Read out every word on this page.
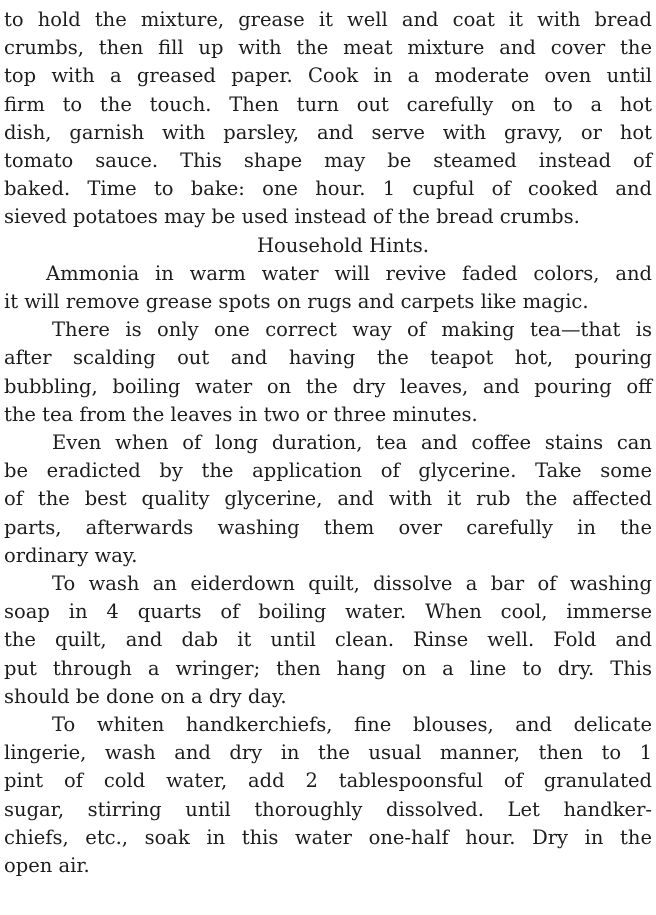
to hold the mixture, grease it well and coat it with bread
crumbs, then fill up with the meat mixture and cover the
top with a greased paper. Cook in a moderate oven until
firm to the touch. Then turn out carefully on to a hot
dish, garnish with parsley, and serve with gravy, or hot
tomato sauce. This shape may be steamed instead of
baked. Time to bake: one hour. 1 cupful of cooked and
sieved potatoes may be used instead of the bread crumbs.
Household Hints.
Ammonia in warm water will revive faded colors, and
it will remove grease spots on rugs and carpets like magic.
There is only one correct way of making tea—that is
after scalding out and having the teapot hot, pouring
bubbling, boiling water on the dry leaves, and pouring off
the tea from the leaves in two or three minutes.
Even when of long duration, tea and coffee stains can
be eradicted by the application of glycerine. Take some
of the best quality glycerine, and with it rub the affected
parts, afterwards washing them over carefully in the
ordinary way.
To wash an eiderdown quilt, dissolve a bar of washing
soap in 4 quarts of boiling water. When cool, immerse
the quilt, and dab it until clean. Rinse well. Fold and
put through a wringer; then hang on a line to dry. This
should be done on a dry day.
To whiten handkerchiefs, fine blouses, and delicate
lingerie, wash and dry in the usual manner, then to 1
pint of cold water, add 2 tablespoonsful of granulated
sugar, stirring until thoroughly dissolved. Let handker-
chiefs, etc., soak in this water one-half hour. Dry in the
open air.
